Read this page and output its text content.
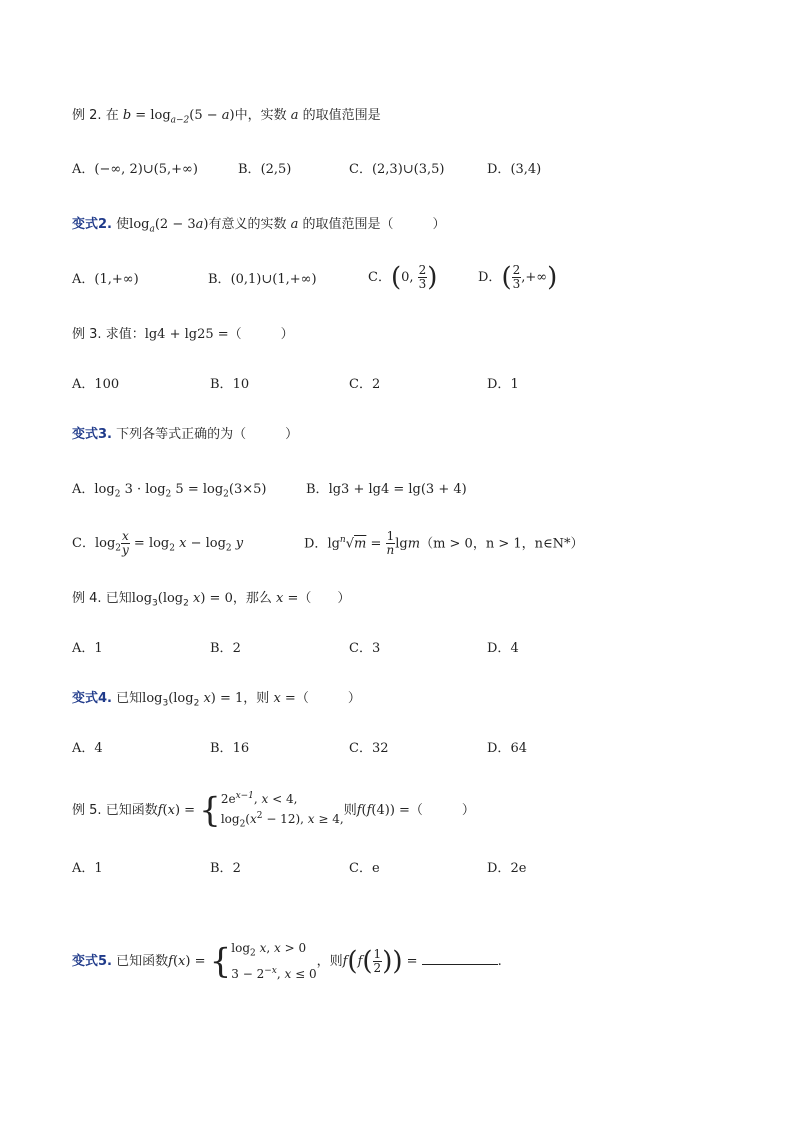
例 2. 在 $b = \log_{a-2}(5 - a)$中，实数 a 的取值范围是
A．(−∞, 2)∪(5,+∞)	B．(2,5)	C．(2,3)∪(3,5)	D．(3,4)
变式2. 使$\log_a(2 - 3a)$有意义的实数 a 的取值范围是（　　　）
A．(1,+∞)	B．(0,1)∪(1,+∞)	C．(0, $\frac{2}{3}$ )	D．( $\frac{2}{3}$ ,+∞)
例 3. 求值：lg4 + lg25 =（　　　）
A．100	B．10	C．2	D．1
变式3. 下列各等式正确的为（　　　）
A．$\log_2 3 \cdot \log_2 5 = \log_2(3\times 5)$	B．lg3 + lg4 = lg(3 + 4)
C．$\log_2 \frac{x}{y} = \log_2 x - \log_2 y$	D．$\lg^n√m = \frac{1}{n} \lg m(m > 0$，n > 1，n∈N*）
例 4. 已知$\log_3(\log_2$ x) = 0，那么 x =（　　）
A．1	B．2	C．3	D．4
变式4. 已知$\log_3(\log_2$ x) = 1，则 x =（　　　）
A．4	B．16	C．32	D．64
例 5. 已知函数f(x) = { $2e^{x-1}$, x < 4,
$\log_2(x^2 - 12)$, x ≥ 4,
则f(f(4)) =（　　　）
A．1	B．2	C．e	D．2e
变式5. 已知函数f(x) = { $\log_2 x$, x > 0
$3 - 2^{-x}$, x ≤ 0
，则$f(f( \frac{1}{2}$ )) =	.
